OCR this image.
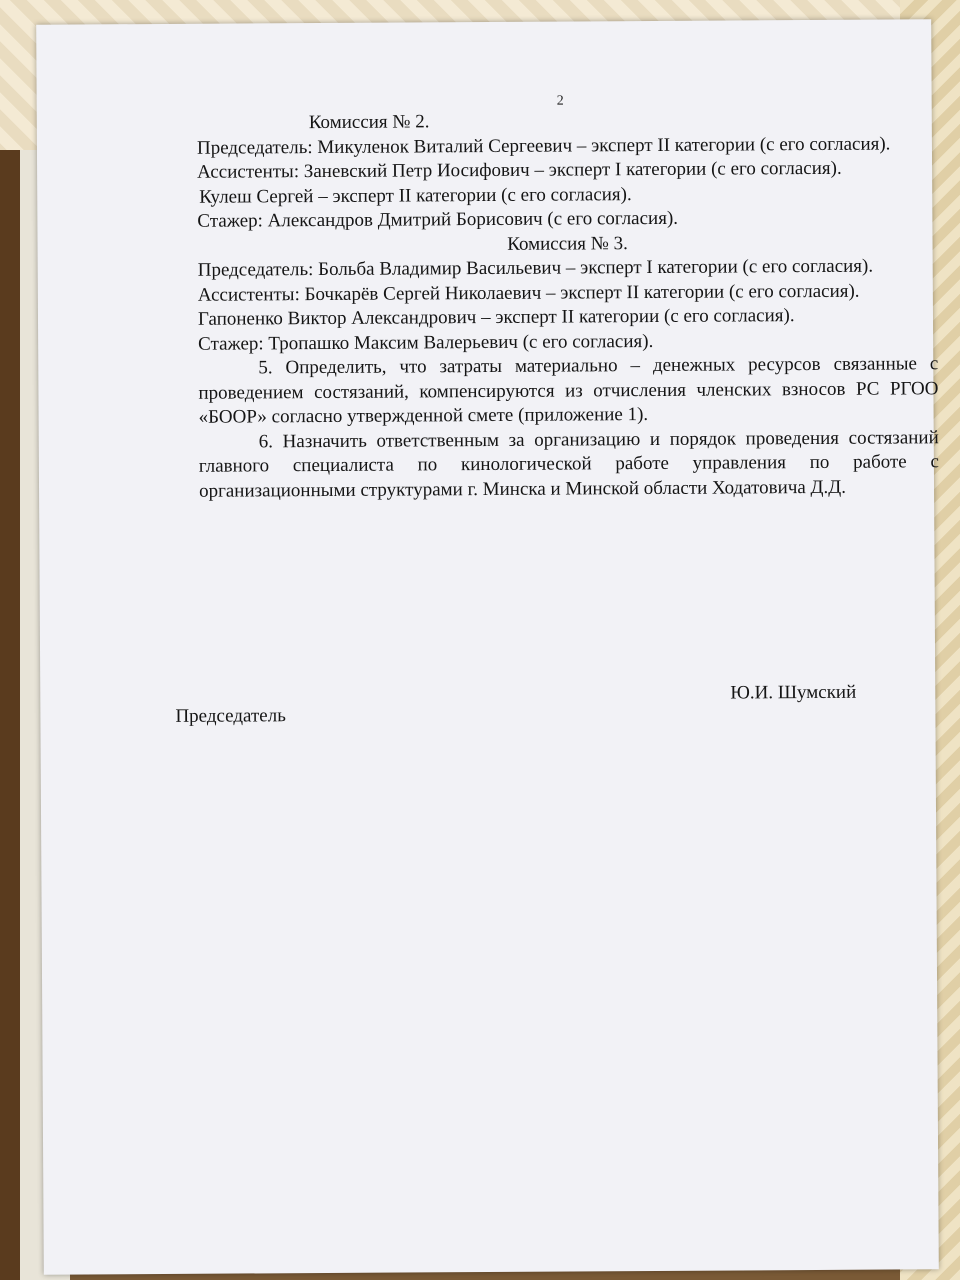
2

Комиссия № 2.

Председатель: Микуленок Виталий Сергеевич – эксперт II категории (с его согласия).

Ассистенты: Заневский Петр Иосифович – эксперт I категории (с его согласия).

Кулеш Сергей – эксперт II категории (с его согласия).

Стажер: Александров Дмитрий Борисович (с его согласия).

Комиссия № 3.

Председатель: Больба Владимир Васильевич – эксперт I категории (с его согласия).

Ассистенты: Бочкарёв Сергей Николаевич – эксперт II категории (с его согласия).

Гапоненко Виктор Александрович – эксперт II категории (с его согласия).

Стажер: Тропашко Максим Валерьевич (с его согласия).

5. Определить, что затраты материально – денежных ресурсов связанные с проведением состязаний, компенсируются из отчисления членских взносов РС РГОО «БООР» согласно утвержденной смете (приложение 1).

6. Назначить ответственным за организацию и порядок проведения состязаний главного специалиста по кинологической работе управления по работе с организационными структурами г. Минска и Минской области Ходатовича Д.Д.

Ю.И. Шумский
Председатель
